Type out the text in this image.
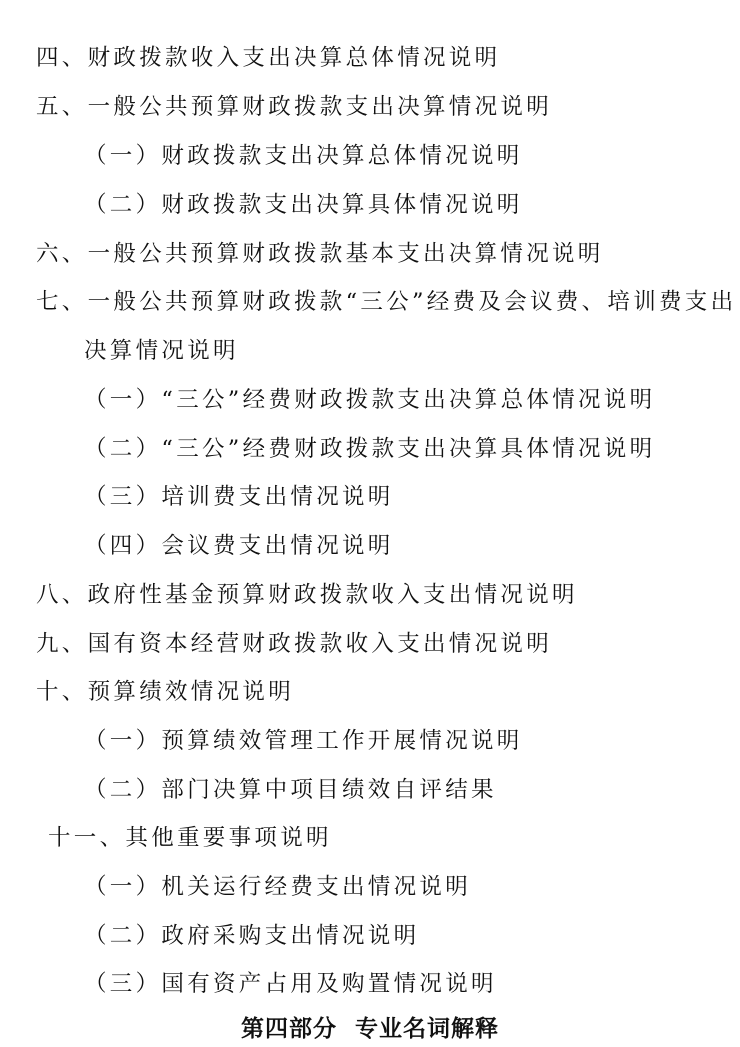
四、财政拨款收入支出决算总体情况说明
五、一般公共预算财政拨款支出决算情况说明
（一）财政拨款支出决算总体情况说明
（二）财政拨款支出决算具体情况说明
六、一般公共预算财政拨款基本支出决算情况说明
七、一般公共预算财政拨款“三公”经费及会议费、培训费支出
决算情况说明
（一）“三公”经费财政拨款支出决算总体情况说明
（二）“三公”经费财政拨款支出决算具体情况说明
（三）培训费支出情况说明
（四）会议费支出情况说明
八、政府性基金预算财政拨款收入支出情况说明
九、国有资本经营财政拨款收入支出情况说明
十、预算绩效情况说明
（一）预算绩效管理工作开展情况说明
（二）部门决算中项目绩效自评结果
十一、其他重要事项说明
（一）机关运行经费支出情况说明
（二）政府采购支出情况说明
（三）国有资产占用及购置情况说明
第四部分  专业名词解释
